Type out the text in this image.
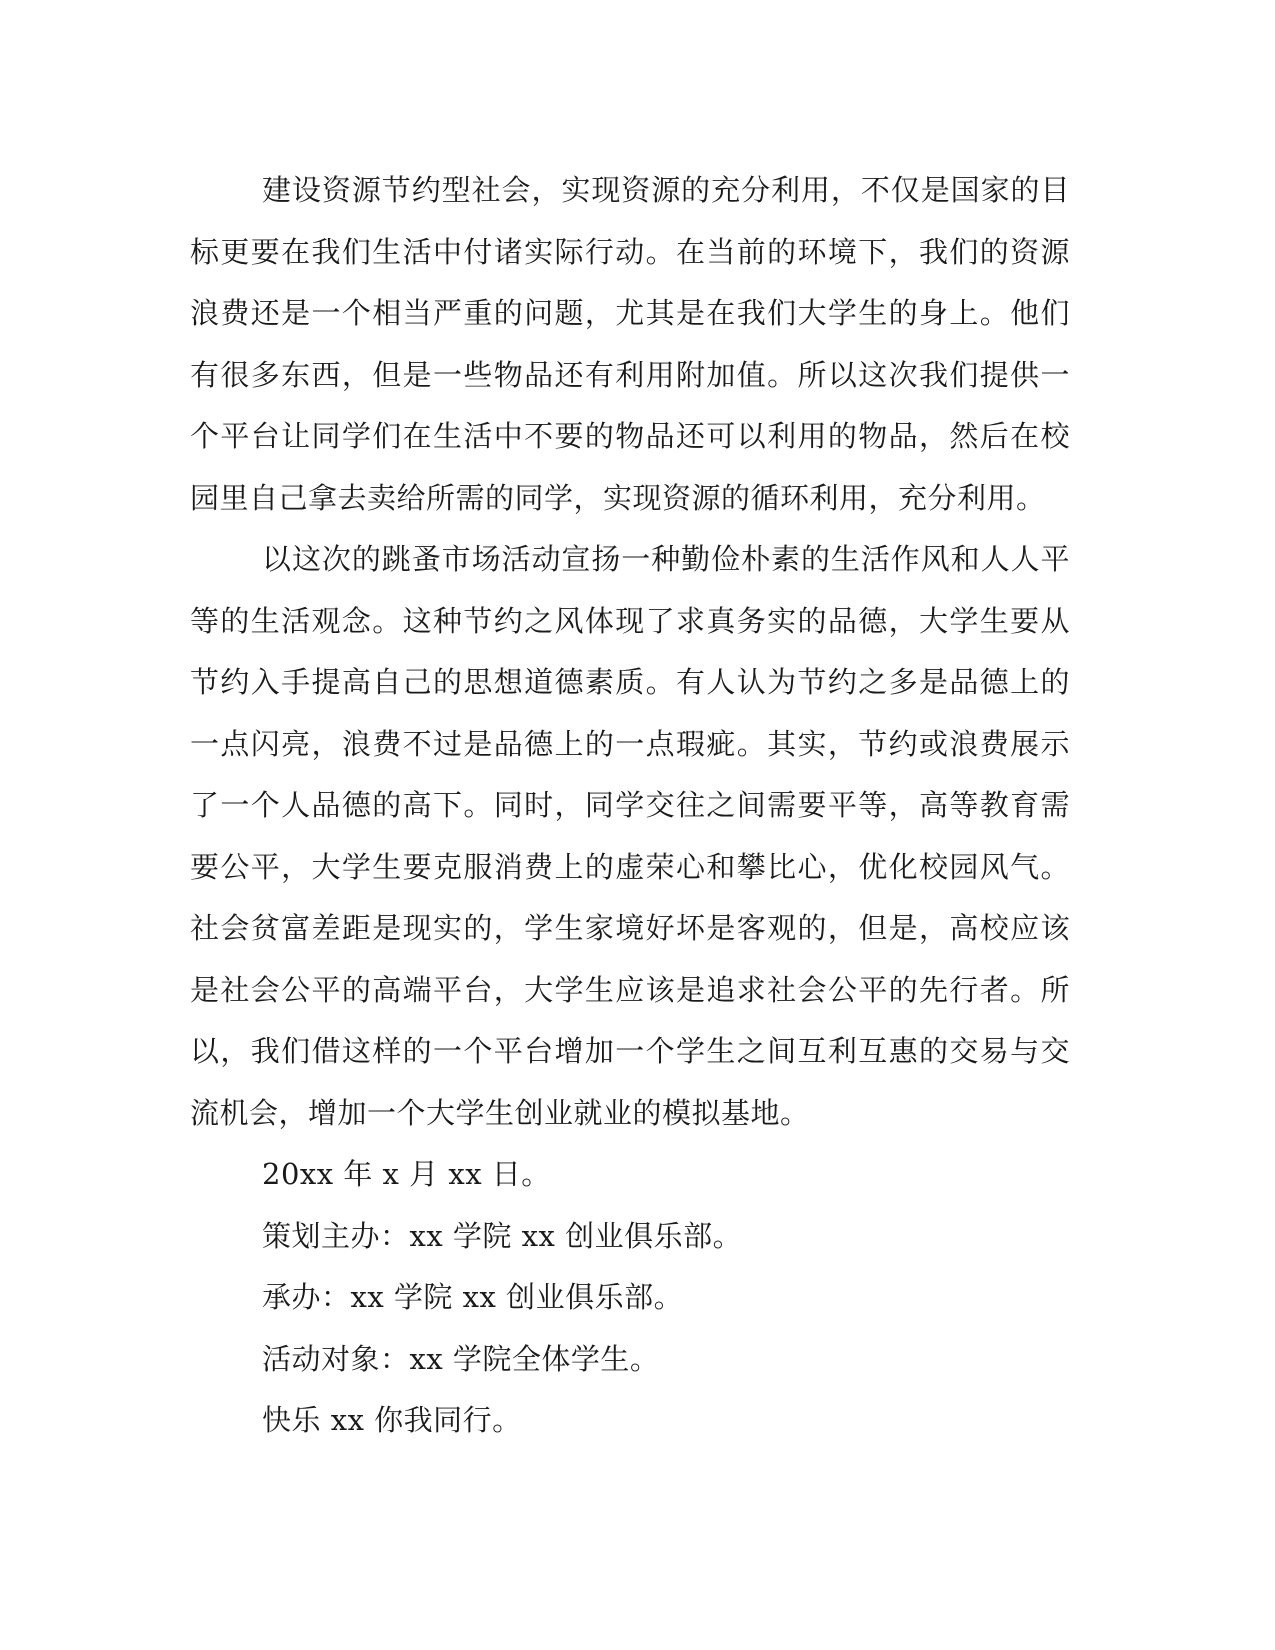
建设资源节约型社会，实现资源的充分利用，不仅是国家的目标更要在我们生活中付诸实际行动。在当前的环境下，我们的资源浪费还是一个相当严重的问题，尤其是在我们大学生的身上。他们有很多东西，但是一些物品还有利用附加值。所以这次我们提供一个平台让同学们在生活中不要的物品还可以利用的物品，然后在校园里自己拿去卖给所需的同学，实现资源的循环利用，充分利用。

以这次的跳蚤市场活动宣扬一种勤俭朴素的生活作风和人人平等的生活观念。这种节约之风体现了求真务实的品德，大学生要从节约入手提高自己的思想道德素质。有人认为节约之多是品德上的一点闪亮，浪费不过是品德上的一点瑕疵。其实，节约或浪费展示了一个人品德的高下。同时，同学交往之间需要平等，高等教育需要公平，大学生要克服消费上的虚荣心和攀比心，优化校园风气。社会贫富差距是现实的，学生家境好坏是客观的，但是，高校应该是社会公平的高端平台，大学生应该是追求社会公平的先行者。所以，我们借这样的一个平台增加一个学生之间互利互惠的交易与交流机会，增加一个大学生创业就业的模拟基地。

20xx 年 x 月 xx 日。

策划主办：xx 学院 xx 创业俱乐部。

承办：xx 学院 xx 创业俱乐部。

活动对象：xx 学院全体学生。

快乐 xx 你我同行。
